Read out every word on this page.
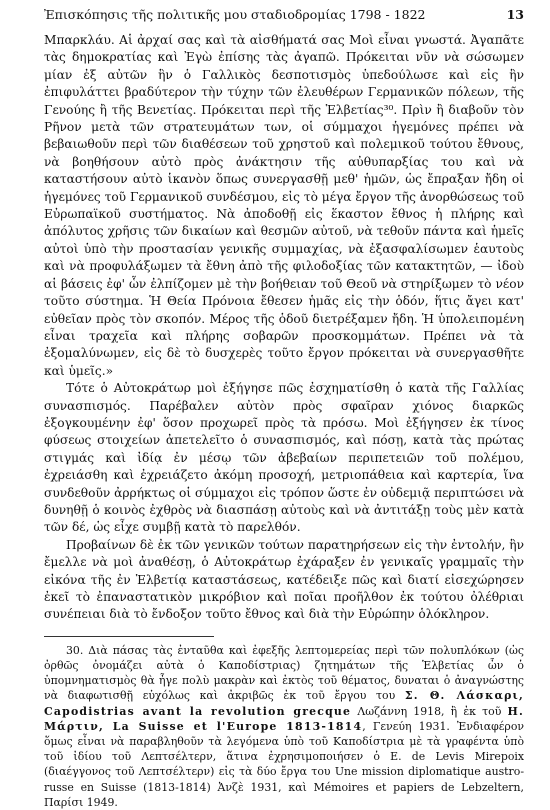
Ἐπισκόπησις τῆς πολιτικῆς μου σταδιοδρομίας 1798 - 1822	13

Μπαρκλάυ. Αἱ ἀρχαί σας καὶ τὰ αἰσθήματά σας Μοὶ εἶναι γνωστά. Ἀγαπᾶτε τὰς δημοκρατίας καὶ Ἐγὼ ἐπίσης τὰς ἀγαπῶ. Πρόκειται νῦν νὰ σώσωμεν μίαν ἐξ αὐτῶν ἣν ὁ Γαλλικὸς δεσποτισμὸς ὑπεδούλωσε καὶ εἰς ἣν ἐπιφυλάττει βραδύτερον τὴν τύχην τῶν ἐλευθέρων Γερμανικῶν πόλεων, τῆς Γενούης ἢ τῆς Βενετίας. Πρόκειται περὶ τῆς Ἑλβετίας³⁰. Πρὶν ἢ διαβοῦν τὸν Ρῆνον μετὰ τῶν στρατευμάτων των, οἱ σύμμαχοι ἡγεμόνες πρέπει νὰ βεβαιωθοῦν περὶ τῶν διαθέσεων τοῦ χρηστοῦ καὶ πολεμικοῦ τούτου ἔθνους, νὰ βοηθήσουν αὐτὸ πρὸς ἀνάκτησιν τῆς αὐθυπαρξίας του καὶ νὰ καταστήσουν αὐτὸ ἱκανὸν ὅπως συνεργασθῇ μεθ' ἡμῶν, ὡς ἔπραξαν ἤδη οἱ ἡγεμόνες τοῦ Γερμανικοῦ συνδέσμου, εἰς τὸ μέγα ἔργον τῆς ἀνορθώσεως τοῦ Εὐρωπαϊκοῦ συστήματος. Νὰ ἀποδοθῇ εἰς ἕκαστον ἔθνος ἡ πλήρης καὶ ἀπόλυτος χρῆσις τῶν δικαίων καὶ θεσμῶν αὐτοῦ, νὰ τεθοῦν πάντα καὶ ἡμεῖς αὐτοὶ ὑπὸ τὴν προστασίαν γενικῆς συμμαχίας, νὰ ἐξασφαλίσωμεν ἑαυτοὺς καὶ νὰ προφυλάξωμεν τὰ ἔθνη ἀπὸ τῆς φιλοδοξίας τῶν κατακτητῶν, — ἰδοὺ αἱ βάσεις ἐφ' ὧν ἐλπίζομεν μὲ τὴν βοήθειαν τοῦ Θεοῦ νὰ στηρίξωμεν τὸ νέον τοῦτο σύστημα. Ἡ Θεία Πρόνοια ἔθεσεν ἡμᾶς εἰς τὴν ὁδόν, ἥτις ἄγει κατ' εὐθεῖαν πρὸς τὸν σκοπόν. Μέρος τῆς ὁδοῦ διετρέξαμεν ἤδη. Ἡ ὑπολειπομένη εἶναι τραχεῖα καὶ πλήρης σοβαρῶν προσκομμάτων. Πρέπει νὰ τὰ ἐξομαλύνωμεν, εἰς δὲ τὸ δυσχερὲς τοῦτο ἔργον πρόκειται νὰ συνεργασθῆτε καὶ ὑμεῖς.»

Τότε ὁ Αὐτοκράτωρ μοὶ ἐξήγησε πῶς ἐσχηματίσθη ὁ κατὰ τῆς Γαλλίας συνασπισμός. Παρέβαλεν αὐτὸν πρὸς σφαῖραν χιόνος διαρκῶς ἐξογκουμένην ἐφ' ὅσον προχωρεῖ πρὸς τὰ πρόσω. Μοὶ ἐξήγησεν ἐκ τίνος φύσεως στοιχείων ἀπετελεῖτο ὁ συνασπισμός, καὶ πόσῃ, κατὰ τὰς πρώτας στιγμάς καὶ ἰδίᾳ ἐν μέσῳ τῶν ἀβεβαίων περιπετειῶν τοῦ πολέμου, ἐχρειάσθη καὶ ἐχρειάζετο ἀκόμη προσοχή, μετριοπάθεια καὶ καρτερία, ἵνα συνδεθοῦν ἀρρήκτως οἱ σύμμαχοι εἰς τρόπον ὥστε ἐν οὐδεμιᾷ περιπτώσει νὰ δυνηθῇ ὁ κοινὸς ἐχθρὸς νὰ διασπάσῃ αὐτοὺς καὶ νὰ ἀντιτάξῃ τοὺς μὲν κατὰ τῶν δέ, ὡς εἶχε συμβῇ κατὰ τὸ παρελθόν.

Προβαίνων δὲ ἐκ τῶν γενικῶν τούτων παρατηρήσεων εἰς τὴν ἐντολήν, ἣν ἔμελλε νὰ μοὶ ἀναθέσῃ, ὁ Αὐτοκράτωρ ἐχάραξεν ἐν γενικαῖς γραμμαῖς τὴν εἰκόνα τῆς ἐν Ἑλβετίᾳ καταστάσεως, κατέδειξε πῶς καὶ διατί εἰσεχώρησεν ἐκεῖ τὸ ἐπαναστατικὸν μικρόβιον καὶ ποῖαι προῆλθον ἐκ τούτου ὀλέθριαι συνέπειαι διὰ τὸ ἔνδοξον τοῦτο ἔθνος καὶ διὰ τὴν Εὐρώπην ὁλόκληρον.

30. Διὰ πάσας τὰς ἐνταῦθα καὶ ἐφεξῆς λεπτομερείας περὶ τῶν πολυπλόκων (ὡς ὀρθῶς ὀνομάζει αὐτὰ ὁ Καποδίστριας) ζητημάτων τῆς Ἑλβετίας ὧν ὁ ὑπομνηματισμὸς θὰ ἦγε πολὺ μακρὰν καὶ ἐκτὸς τοῦ θέματος, δυναται ὁ ἀναγνώστης νὰ διαφωτισθῇ εὐχόλως καὶ ἀκριβῶς ἐκ τοῦ ἔργου του Σ. Θ. Λάσκαρι, Capodistrias avant la revolution grecque Λωζάννη 1918, ἢ ἐκ τοῦ Η. Μάρτιν, La Suisse et l'Europe 1813-1814, Γενεύη 1931. Ἐνδιαφέρον ὅμως εἶναι νὰ παραβληθοῦν τὰ λεγόμενα ὑπὸ τοῦ Καποδίστρια μὲ τὰ γραφέντα ὑπὸ τοῦ ἰδίου τοῦ Λεπτσέλτερν, ἅτινα ἐχρησιμοποιήσεν ὁ E. de Levis Mirepoix (διαέγγονος τοῦ Λεπτσέλτερν) εἰς τὰ δύο ἔργα του Une mission diplomatique austro-russe en Suisse (1813-1814) Ἀνζὲ 1931, καὶ Mémoires et papiers de Lebzeltern, Παρίσι 1949.
